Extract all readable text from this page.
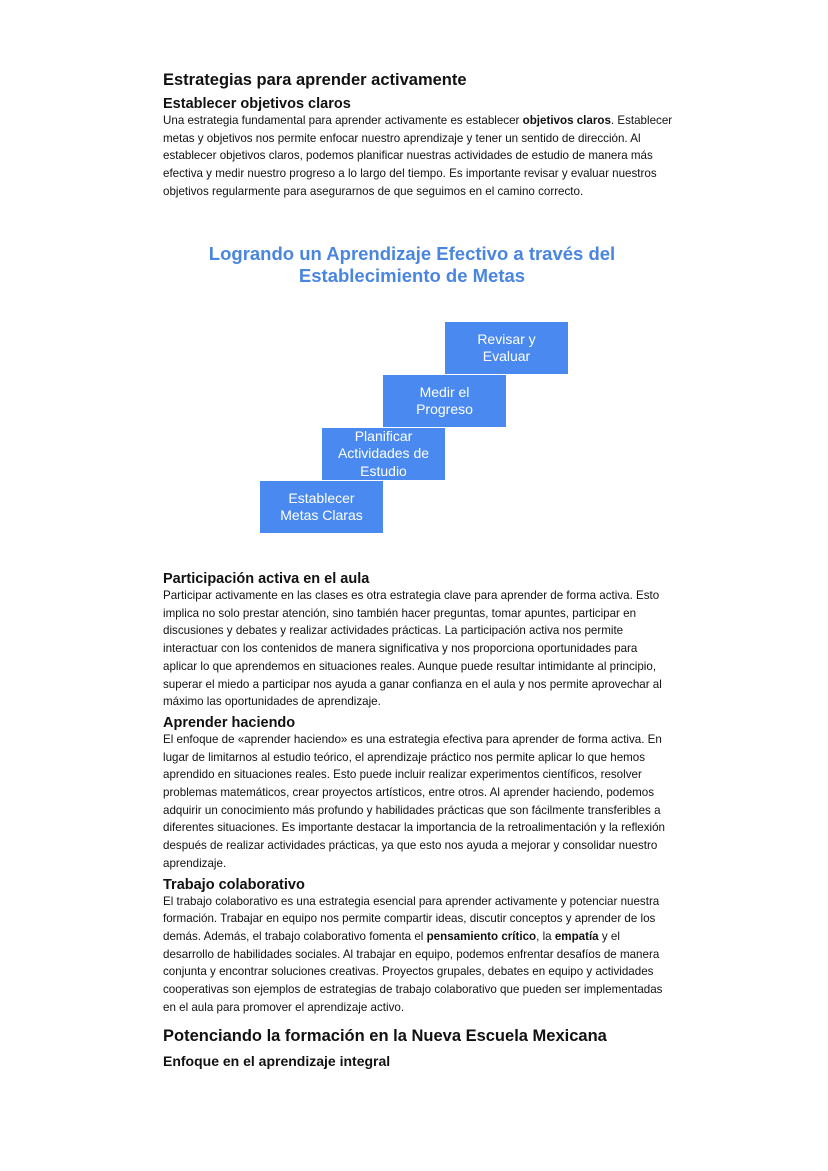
Estrategias para aprender activamente
Establecer objetivos claros

Una estrategia fundamental para aprender activamente es establecer objetivos claros. Establecer metas y objetivos nos permite enfocar nuestro aprendizaje y tener un sentido de dirección. Al establecer objetivos claros, podemos planificar nuestras actividades de estudio de manera más efectiva y medir nuestro progreso a lo largo del tiempo. Es importante revisar y evaluar nuestros objetivos regularmente para asegurarnos de que seguimos en el camino correcto.

Logrando un Aprendizaje Efectivo a través del Establecimiento de Metas
Establecer
Metas Claras
Planificar
Actividades de
Estudio
Medir el
Progreso
Revisar y
Evaluar
Participación activa en el aula

Participar activamente en las clases es otra estrategia clave para aprender de forma activa. Esto implica no solo prestar atención, sino también hacer preguntas, tomar apuntes, participar en discusiones y debates y realizar actividades prácticas. La participación activa nos permite interactuar con los contenidos de manera significativa y nos proporciona oportunidades para aplicar lo que aprendemos en situaciones reales. Aunque puede resultar intimidante al principio, superar el miedo a participar nos ayuda a ganar confianza en el aula y nos permite aprovechar al máximo las oportunidades de aprendizaje.

Aprender haciendo

El enfoque de «aprender haciendo» es una estrategia efectiva para aprender de forma activa. En lugar de limitarnos al estudio teórico, el aprendizaje práctico nos permite aplicar lo que hemos aprendido en situaciones reales. Esto puede incluir realizar experimentos científicos, resolver problemas matemáticos, crear proyectos artísticos, entre otros. Al aprender haciendo, podemos adquirir un conocimiento más profundo y habilidades prácticas que son fácilmente transferibles a diferentes situaciones. Es importante destacar la importancia de la retroalimentación y la reflexión después de realizar actividades prácticas, ya que esto nos ayuda a mejorar y consolidar nuestro aprendizaje.

Trabajo colaborativo

El trabajo colaborativo es una estrategia esencial para aprender activamente y potenciar nuestra formación. Trabajar en equipo nos permite compartir ideas, discutir conceptos y aprender de los demás. Además, el trabajo colaborativo fomenta el pensamiento crítico, la empatía y el desarrollo de habilidades sociales. Al trabajar en equipo, podemos enfrentar desafíos de manera conjunta y encontrar soluciones creativas. Proyectos grupales, debates en equipo y actividades cooperativas son ejemplos de estrategias de trabajo colaborativo que pueden ser implementadas en el aula para promover el aprendizaje activo.

Potenciando la formación en la Nueva Escuela Mexicana
Enfoque en el aprendizaje integral
